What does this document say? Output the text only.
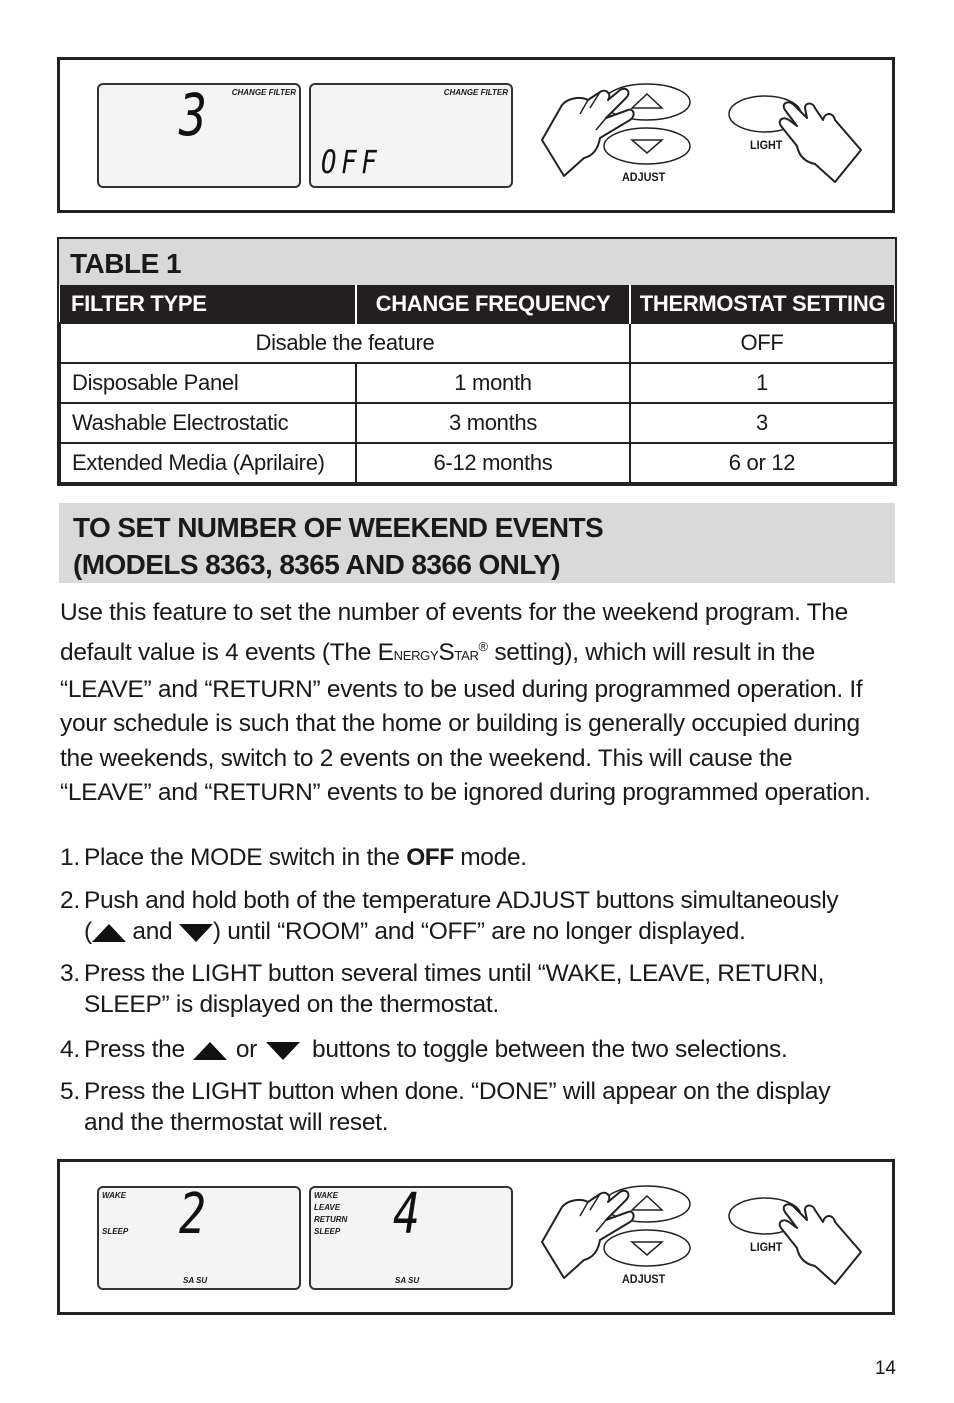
CHANGE FILTER
3	CHANGE FILTER
OFF	ADJUST
LIGHT
TABLE 1
FILTER TYPE	CHANGE FREQUENCY	THERMOSTAT SETTING
Disable the feature		OFF
Disposable Panel	1 month	1
Washable Electrostatic	3 months	3
Extended Media (Aprilaire)	6-12 months	6 or 12
TO SET NUMBER OF WEEKEND EVENTS
(MODELS 8363, 8365 AND 8366 ONLY)

Use this feature to set the number of events for the weekend program. The default value is 4 events (The EnergyStar® setting), which will result in the “LEAVE” and “RETURN” events to be used during programmed operation. If your schedule is such that the home or building is generally occupied during the weekends, switch to 2 events on the weekend. This will cause the “LEAVE” and “RETURN” events to be ignored during programmed operation.

1. Place the MODE switch in the OFF mode.
2. Push and hold both of the temperature ADJUST buttons simultaneously
( and ) until “ROOM” and “OFF” are no longer displayed.
3. Press the LIGHT button several times until “WAKE, LEAVE, RETURN,
SLEEP” is displayed on the thermostat.
4. Press the  or  buttons to toggle between the two selections.
5. Press the LIGHT button when done. “DONE” will appear on the display
and the thermostat will reset.
WAKE

SLEEP 2
SA SU
WAKE
LEAVE
RETURN
SLEEP 4
SA SU	ADJUST
LIGHT
14
